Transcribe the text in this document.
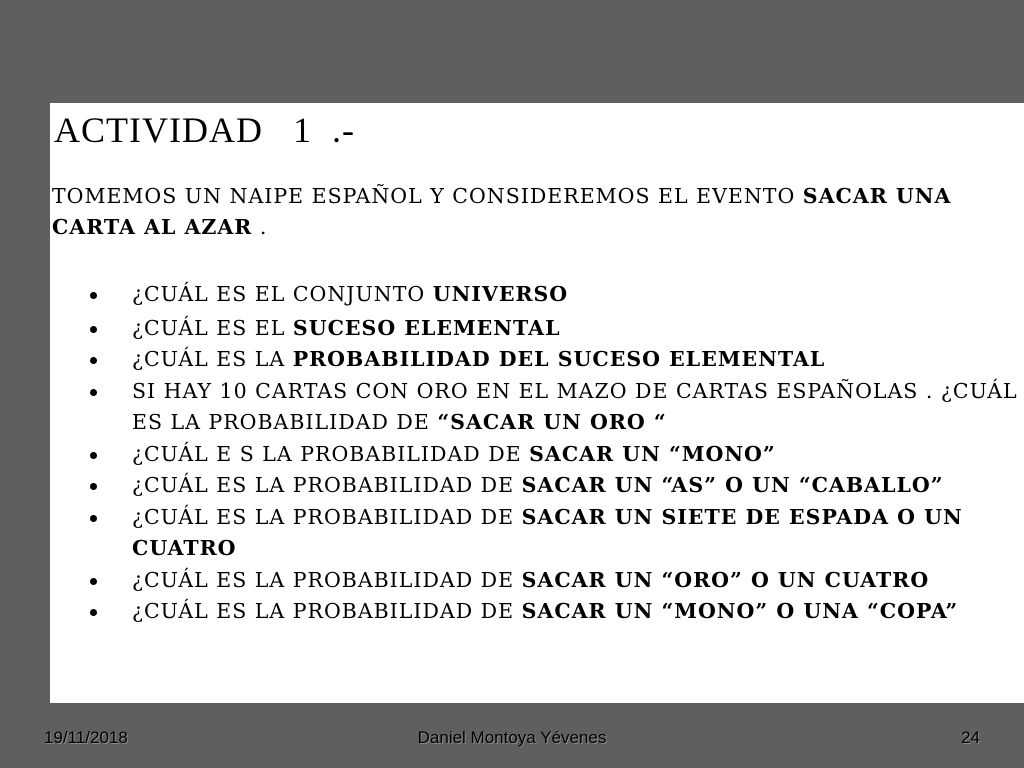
ACTIVIDAD   1  .-

TOMEMOS UN NAIPE ESPAÑOL Y CONSIDEREMOS EL EVENTO SACAR UNA CARTA AL AZAR .

¿CUÁL ES EL CONJUNTO UNIVERSO
¿CUÁL ES EL SUCESO ELEMENTAL
¿CUÁL ES LA PROBABILIDAD DEL SUCESO ELEMENTAL
SI HAY 10 CARTAS CON ORO EN EL MAZO DE CARTAS ESPAÑOLAS . ¿CUÁL ES LA PROBABILIDAD DE “SACAR UN ORO “
¿CUÁL E S LA PROBABILIDAD DE SACAR UN “MONO”
¿CUÁL ES LA PROBABILIDAD DE SACAR UN “AS” O UN “CABALLO”
¿CUÁL ES LA PROBABILIDAD DE SACAR UN SIETE DE ESPADA O UN CUATRO
¿CUÁL ES LA PROBABILIDAD DE SACAR UN “ORO” O UN CUATRO
¿CUÁL ES LA PROBABILIDAD DE SACAR UN “MONO” O UNA “COPA”
19/11/2018	Daniel Montoya Yévenes	24
